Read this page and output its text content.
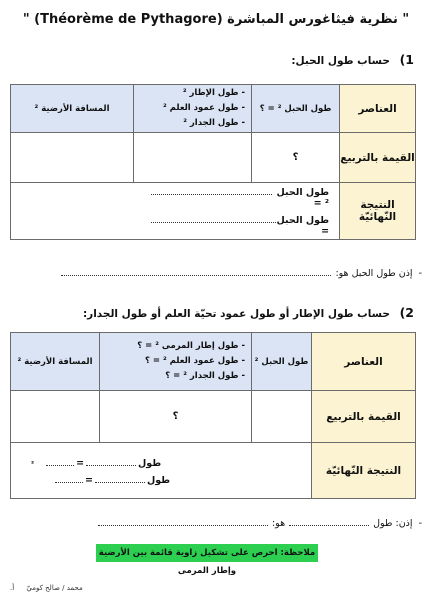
" نظرية فيثاغورس المباشرة (Théorème de Pythagore) "
1) حساب طول الحبل:
العناصر	طول الحبل ² = ؟	- طول الإطار ²
- طول عمود العلم ²
- طول الجدار ²	المسافة الأرضية ²
القيمة بالتربيع	؟		
النتيجة النّهائيّة	طول الحبل ² =
طول الحبل =		
-
إذن طول الحبل هو:
2) حساب طول الإطار أو طول عمود تحيّة العلم أو طول الجدار:
العناصر	طول الحبل ²	- طول إطار المرمى ² = ؟
- طول عمود العلم ² = ؟
- طول الجدار ² = ؟	المسافة الأرضية ²
القيمة بالتربيع		؟	
النتيجة النّهائيّة	² = طول
= طول		
-
إذن: طول
هو:
ملاحظة: احرص على تشكيل زاوية قائمة بين الأرضية وإطار المرمى
محمد / صالح كوميّ أ.
